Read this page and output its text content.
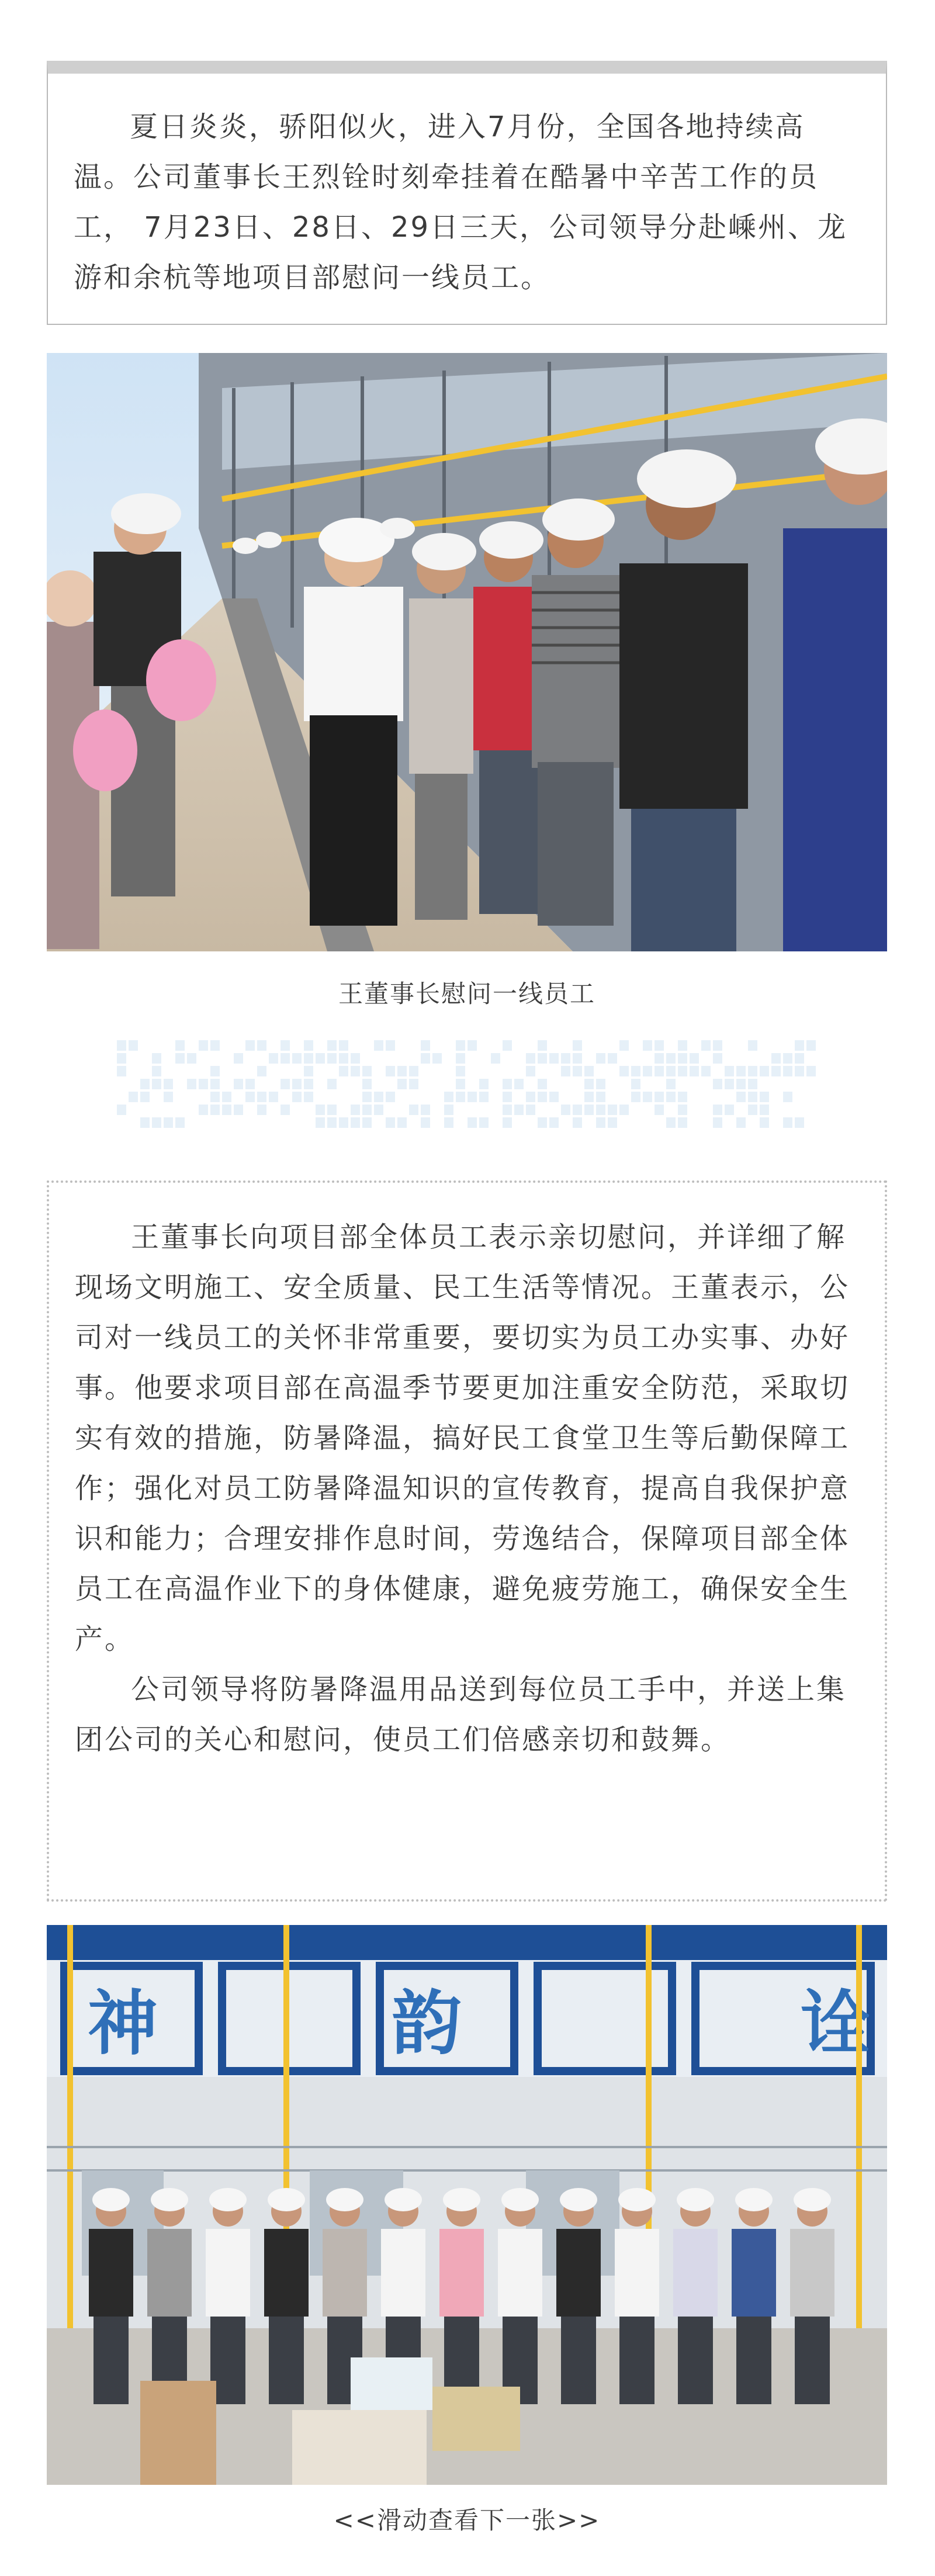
夏日炎炎，骄阳似火，进入7月份，全国各地持续高温。公司董事长王烈铨时刻牵挂着在酷暑中辛苦工作的员工， 7月23日、28日、29日三天，公司领导分赴嵊州、龙游和余杭等地项目部慰问一线员工。
王董事长慰问一线员工

王董事长向项目部全体员工表示亲切慰问，并详细了解现场文明施工、安全质量、民工生活等情况。王董表示，公司对一线员工的关怀非常重要，要切实为员工办实事、办好事。他要求项目部在高温季节要更加注重安全防范，采取切实有效的措施，防暑降温，搞好民工食堂卫生等后勤保障工作；强化对员工防暑降温知识的宣传教育，提高自我保护意识和能力；合理安排作息时间，劳逸结合，保障项目部全体员工在高温作业下的身体健康，避免疲劳施工，确保安全生产。

公司领导将防暑降温用品送到每位员工手中，并送上集团公司的关心和慰问，使员工们倍感亲切和鼓舞。

神	韵	诠
<<滑动查看下一张>>
